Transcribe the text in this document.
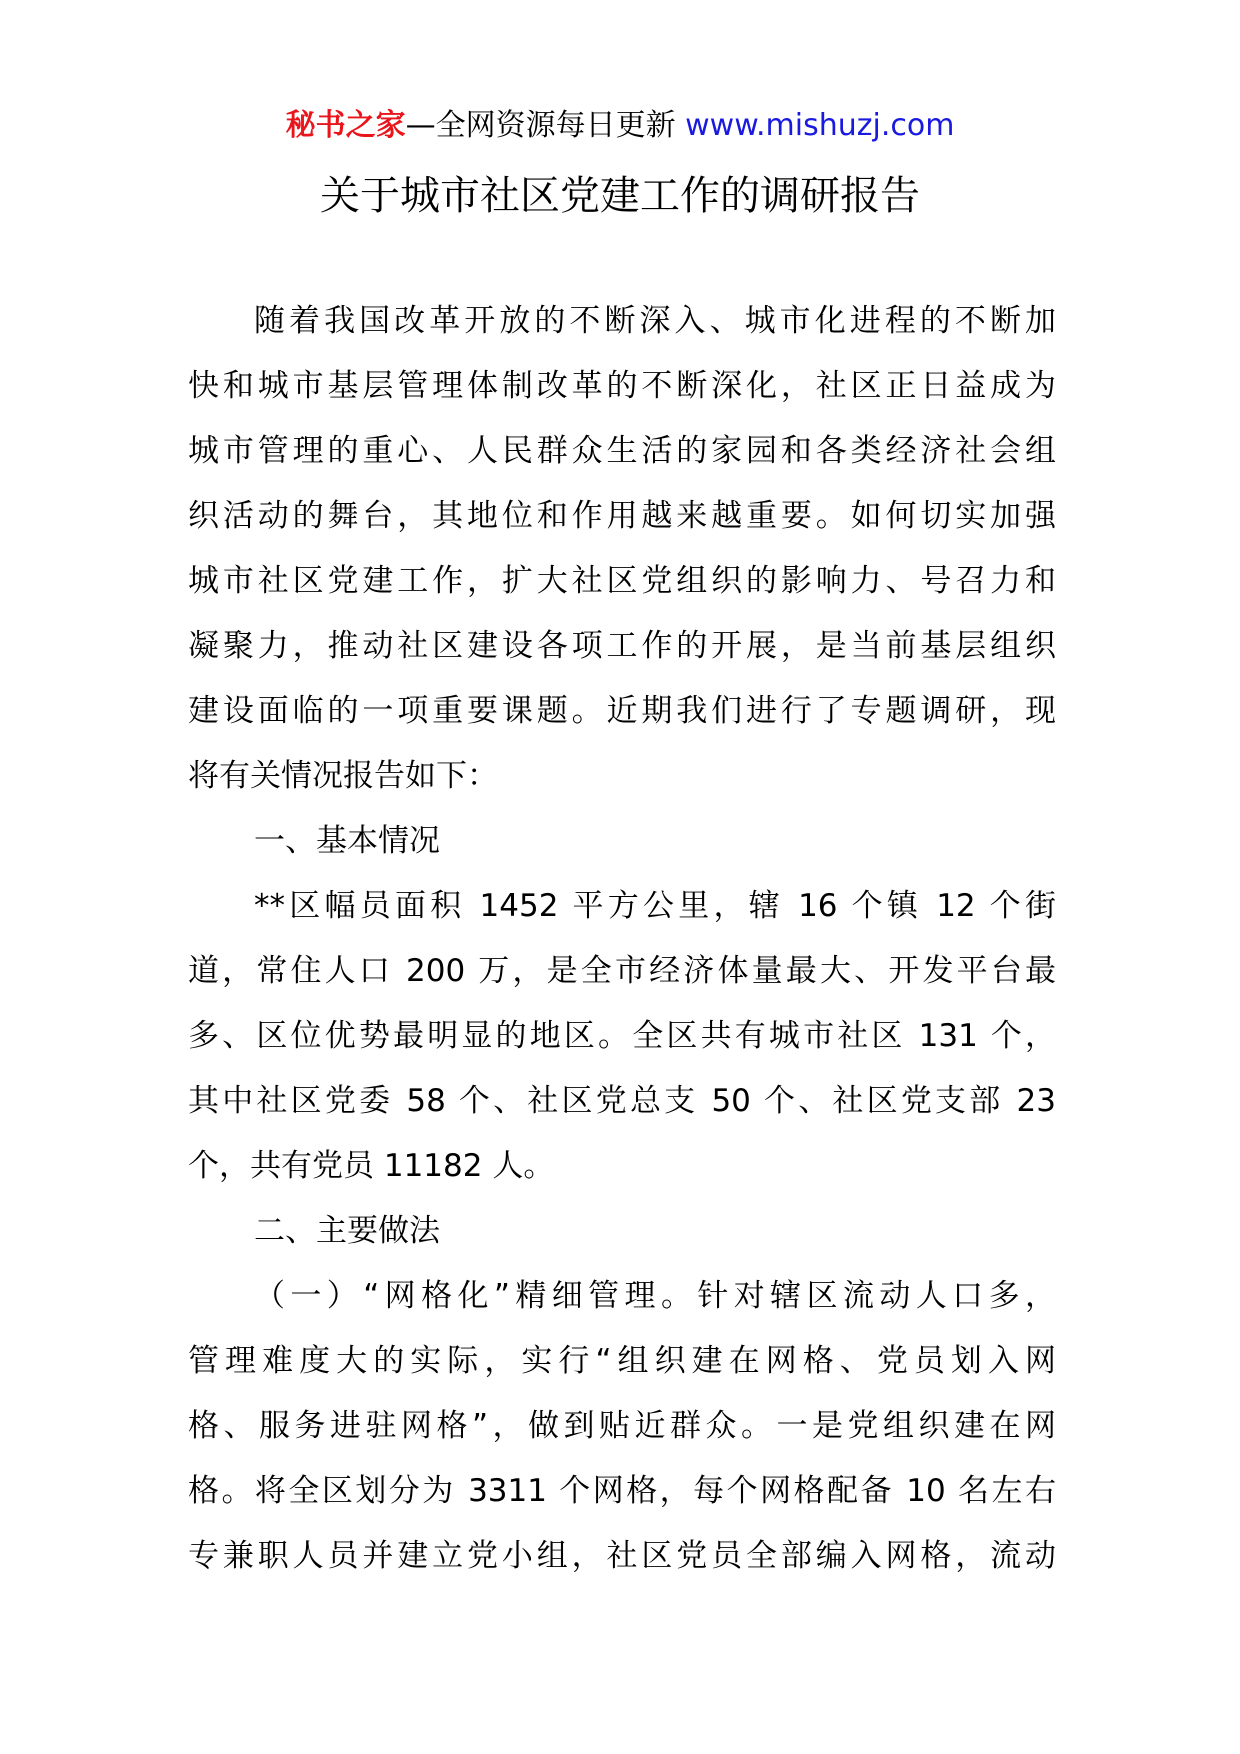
秘书之家—全网资源每日更新 www.mishuzj.com
关于城市社区党建工作的调研报告
随着我国改革开放的不断深入、城市化进程的不断加
快和城市基层管理体制改革的不断深化，社区正日益成为
城市管理的重心、人民群众生活的家园和各类经济社会组
织活动的舞台，其地位和作用越来越重要。如何切实加强
城市社区党建工作，扩大社区党组织的影响力、号召力和
凝聚力，推动社区建设各项工作的开展，是当前基层组织
建设面临的一项重要课题。近期我们进行了专题调研，现
将有关情况报告如下：
一、基本情况
**区幅员面积 1452 平方公里，辖 16 个镇 12 个街
道，常住人口 200 万，是全市经济体量最大、开发平台最
多、区位优势最明显的地区。全区共有城市社区 131 个，
其中社区党委 58 个、社区党总支 50 个、社区党支部 23
个，共有党员 11182 人。
二、主要做法
（一）“网格化”精细管理。针对辖区流动人口多，
管理难度大的实际，实行“组织建在网格、党员划入网
格、服务进驻网格”，做到贴近群众。一是党组织建在网
格。将全区划分为 3311 个网格，每个网格配备 10 名左右
专兼职人员并建立党小组，社区党员全部编入网格，流动
